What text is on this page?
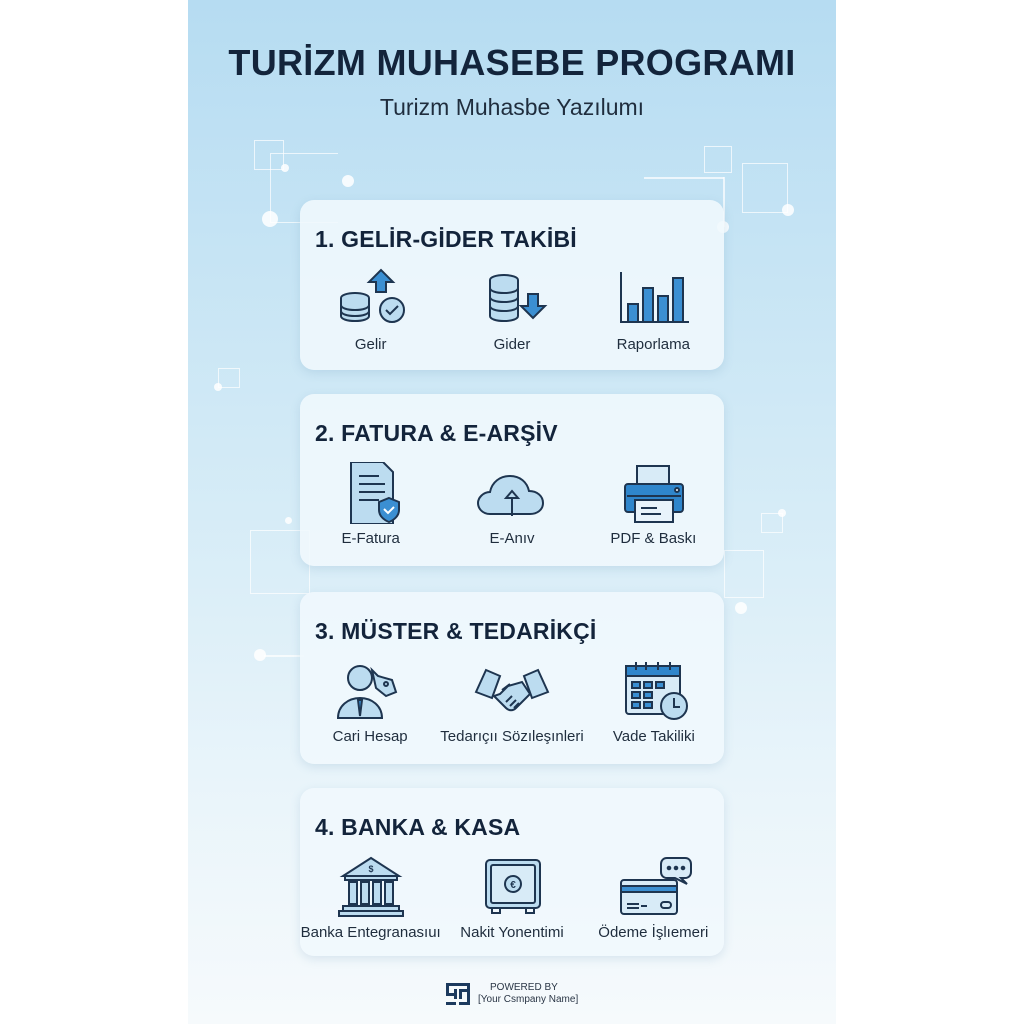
TURİZM MUHASEBE PROGRAMI
Turizm Muhasbe Yazılumı
1. GELİR-GİDER TAKİBİ
Gelir	Gider	Raporlama
2. FATURA & E-ARŞİV
E-Fatura	E-Anıv	PDF & Baskı
3. MÜSTER & TEDARİKÇİ
Cari Hesap Tedarıçıı Sözıleşınleri Vade Takiliki
4. BANKA & KASA
$
Banka Entegranasıuı
€
Nakit Yonentimi Ödeme İşlıemeri
POWERED BY
[Your Csmpany Name]
